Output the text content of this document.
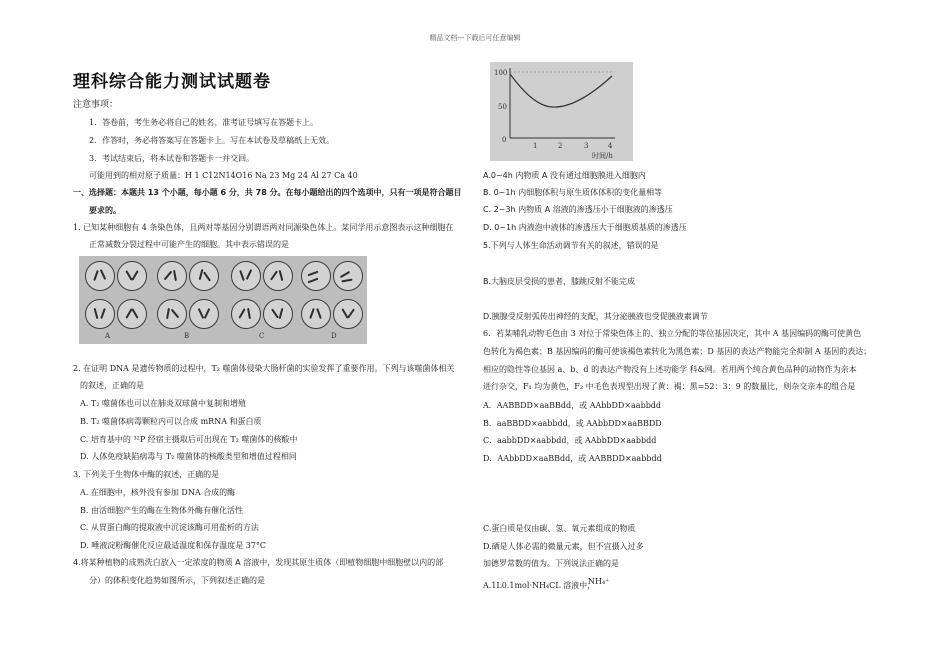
精品文档---下载后可任意编辑
理科综合能力测试试题卷
注意事项：
1．答卷前，考生务必将自己的姓名、准考证号填写在答题卡上。
2．作答时，务必将答案写在答题卡上。写在本试卷及草稿纸上无效。
3．考试结束后，将本试卷和答题卡一并交回。
可能用到的相对原子质量：H 1 C12N14O16 Na 23 Mg 24 Al 27 Ca 40
一、选择题：本题共 13 个小题，每小题 6 分，共 78 分。在每小题给出的四个选项中，只有一项是符合题目
要求的。
1. 已知某种细胞有 4 条染色体，且两对等基因分别谓语两对同源染色体上。某同学用示意图表示这种细胞在
正常减数分裂过程中可能产生的细胞。其中表示错误的是
A	B	C	D
2. 在证明 DNA 是遗传物质的过程中，T₂ 噬菌体侵染大肠杆菌的实验发挥了重要作用。下列与该噬菌体相关
的叙述，正确的是
A. T₂ 噬菌体也可以在肺炎双球菌中复制和增殖
B. T₂ 噬菌体病毒颗粒内可以合成 mRNA 和蛋白质
C. 培育基中的 ³²P 经宿主摄取后可出现在 T₂ 噬菌体的核酸中
D. 人体免疫缺陷病毒与 T₂ 噬菌体的核酸类型和增值过程相同
3. 下列关于生物体中酶的叙述，正确的是
A. 在细胞中，核外没有参加 DNA 合成的酶
B. 由活细胞产生的酶在生物体外酶有催化活性
C. 从胃蛋白酶的提取液中沉淀该酶可用盐析的方法
D. 唾液淀粉酶催化反应最适温度和保存温度是 37°C
4.将某种植物的成熟洗白放入一定浓度的物质 A 溶液中，发现其原生质体（即植物细胞中细胞壁以内的部
分）的体积变化趋势如图所示，下列叙述正确的是
100
50
0
1	2	3	4
时间/h
A.0~4h 内物质 A 没有通过细胞膜进入细胞内
B. 0~1h 内细胞体积与原生质体体积的变化量相等
C. 2~3h 内物质 A 溶液的渗透压小于细胞液的渗透压
D. 0~1h 内液泡中液体的渗透压大于细胞质基质的渗透压
5.下列与人体生命活动调节有关的叙述，错误的是
B.大脑皮层受损的患者，膝跳反射不能完成
D.胰腺受反射弧传出神经的支配，其分泌胰液也受促胰液素调节
6．若某哺乳动物毛色由 3 对位于常染色体上的、独立分配的等位基因决定，其中 A 基因编码的酶可使黄色
色转化为褐色素；B 基因编码的酶可使该褐色素转化为黑色素；D 基因的表达产物能完全抑制 A 基因的表达；
相应的隐性等位基因 a、b、d 的表达产物没有上述功能学 科&网。若用两个纯合黄色品种的动物作为亲本
进行杂交，F₁ 均为黄色，F₂ 中毛色表现型出现了黄：褐：黑=52：3：9 的数量比，则杂交亲本的组合是
A．AABBDD×aaBBdd，或 AAbbDD×aabbdd
B．aaBBDD×aabbdd，或 AAbbDD×aaBBDD
C．aabbDD×aabbdd，或 AAbbDD×aabbdd
D．AAbbDD×aaBBdd，或 AABBDD×aabbdd
C.蛋白质是仅由碳、氢、氧元素组成的物质
D.硒是人体必需的微量元素，但不宜摄入过多
加德罗常数的值为。下列说法正确的是
A.1L0.1mol·NH₄CL 溶液中，
NH₄⁺
